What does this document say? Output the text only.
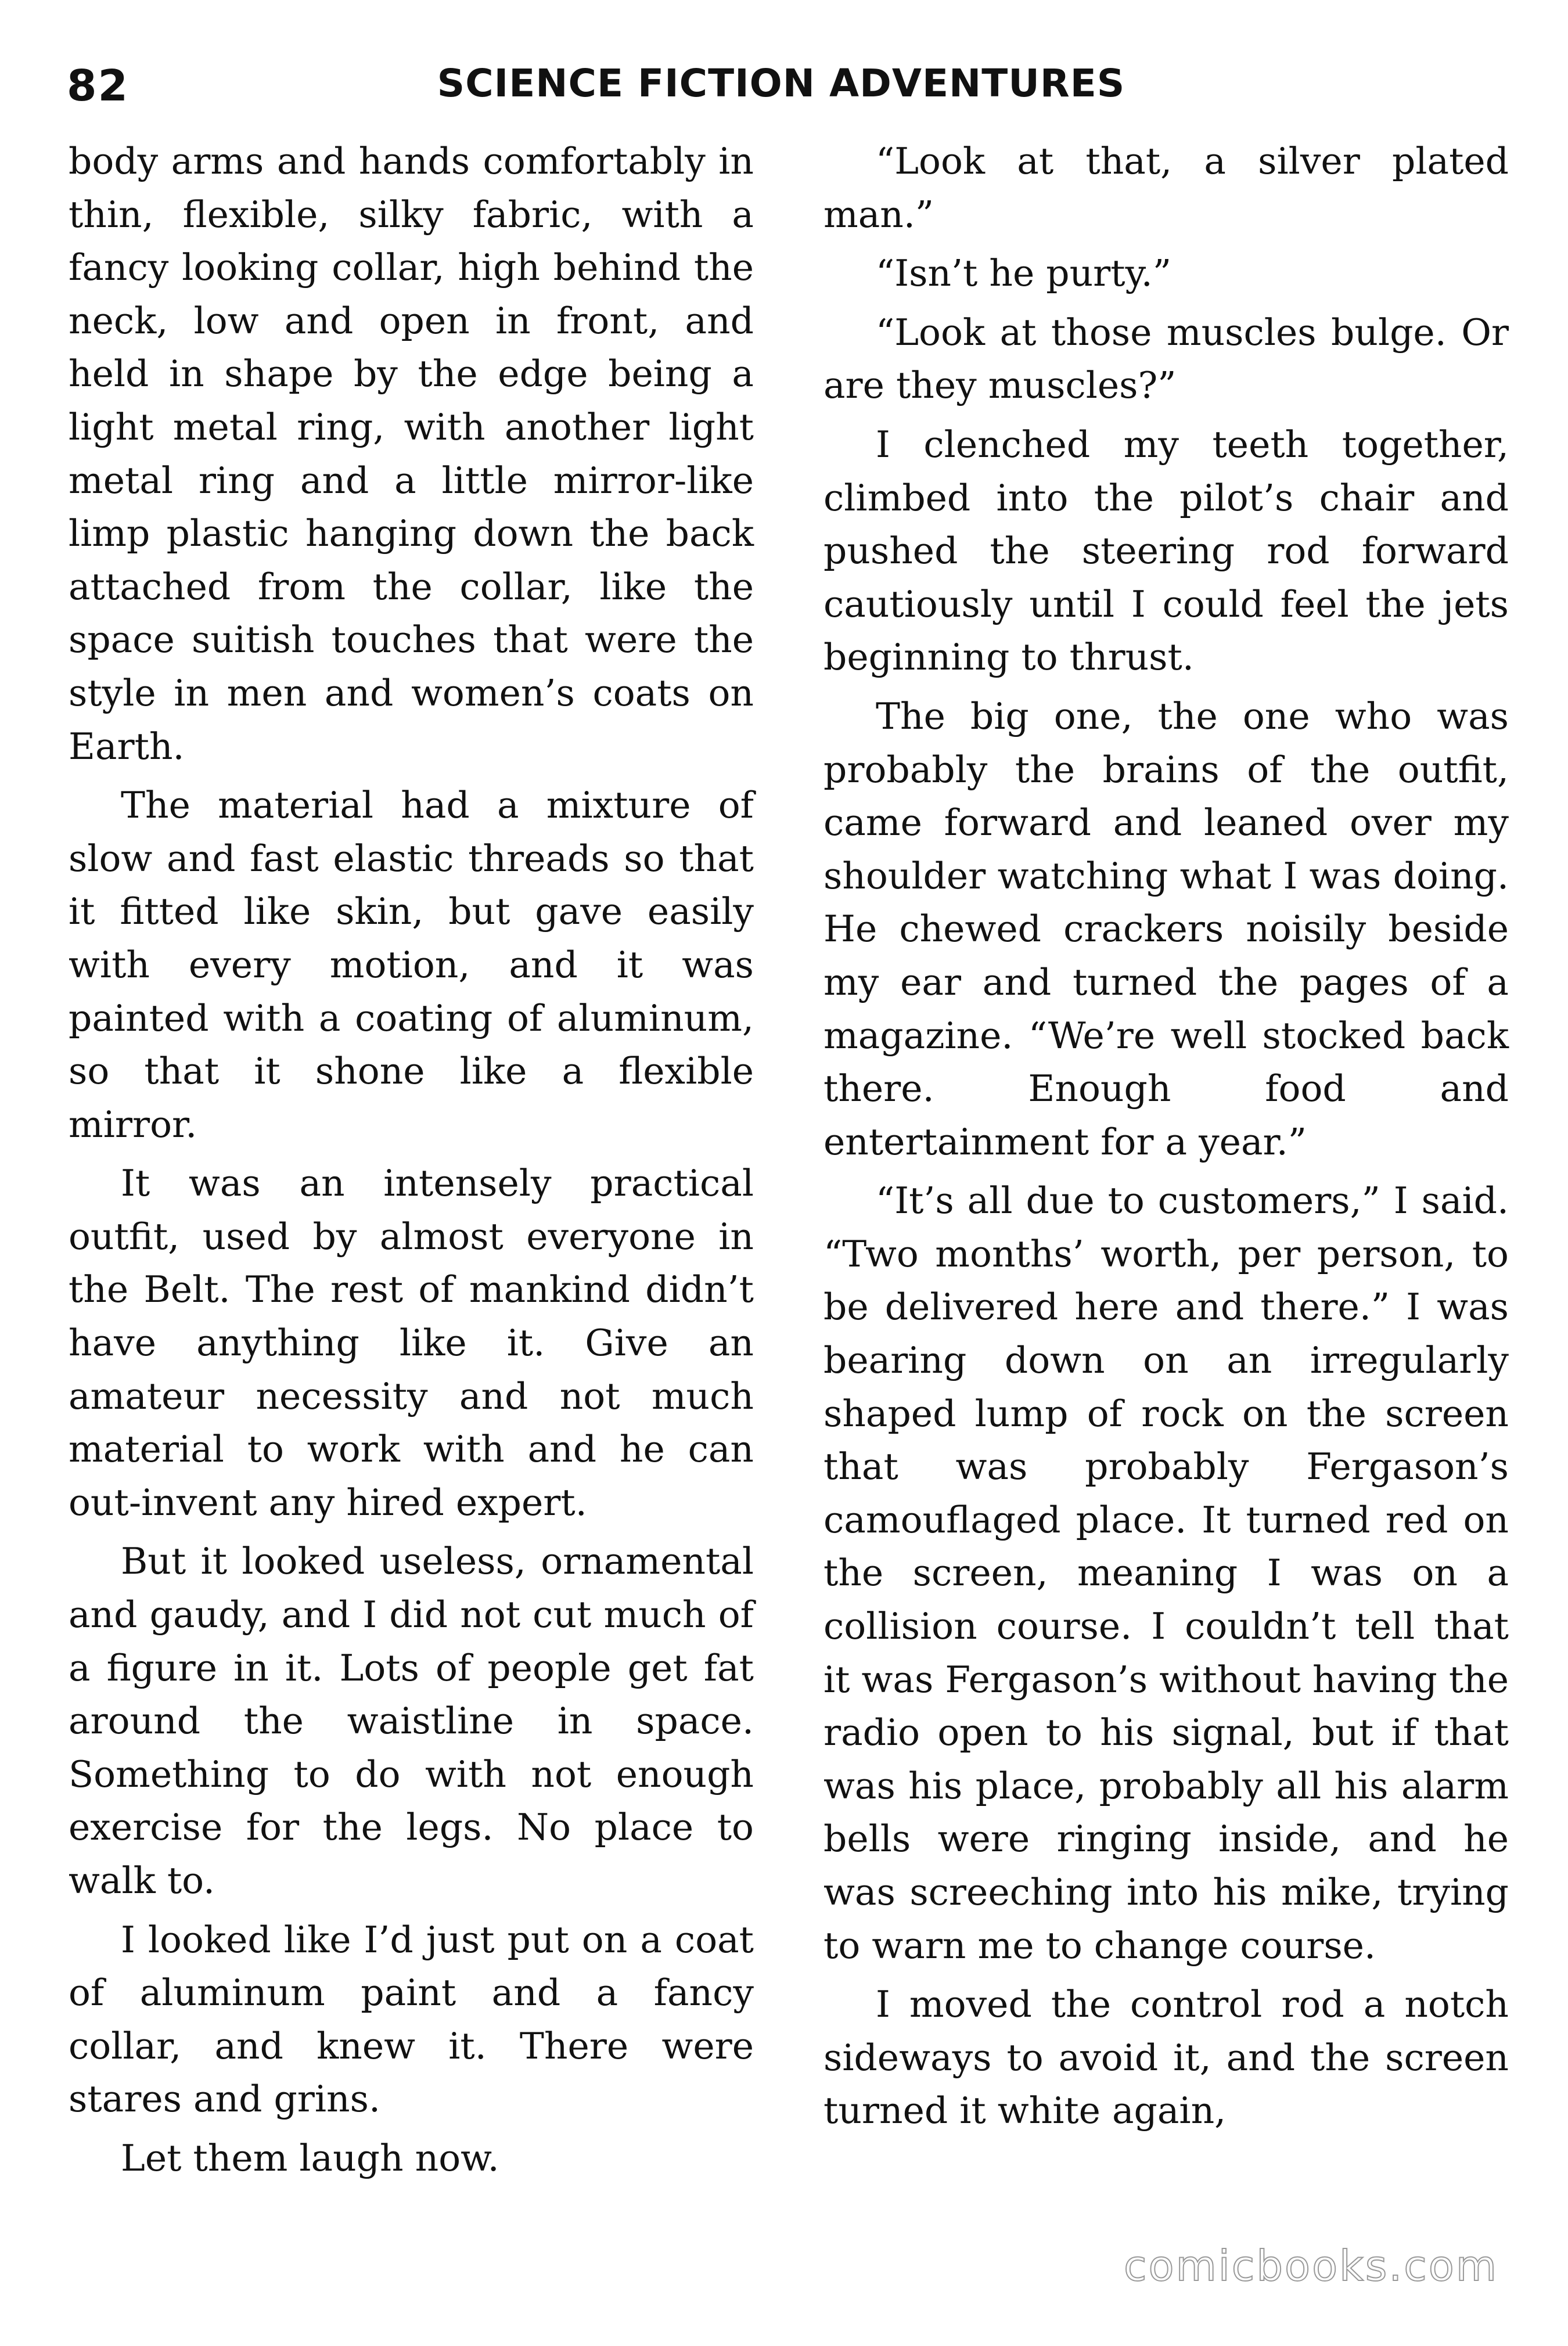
82	SCIENCE FICTION ADVENTURES

body arms and hands comfortably in thin, flexible, silky fabric, with a fancy looking collar, high behind the neck, low and open in front, and held in shape by the edge being a light metal ring, with another light metal ring and a little mirror-like limp plastic hanging down the back attached from the collar, like the space suitish touches that were the style in men and women’s coats on Earth.

The material had a mixture of slow and fast elastic threads so that it fitted like skin, but gave easily with every motion, and it was painted with a coating of aluminum, so that it shone like a flexible mirror.

It was an intensely practical outfit, used by almost everyone in the Belt. The rest of mankind didn’t have anything like it. Give an amateur necessity and not much material to work with and he can out-invent any hired expert.

But it looked useless, ornamental and gaudy, and I did not cut much of a figure in it. Lots of people get fat around the waistline in space. Something to do with not enough exercise for the legs. No place to walk to.

I looked like I’d just put on a coat of aluminum paint and a fancy collar, and knew it. There were stares and grins.

Let them laugh now.

“Look at that, a silver plated man.”

“Isn’t he purty.”

“Look at those muscles bulge. Or are they muscles?”

I clenched my teeth together, climbed into the pilot’s chair and pushed the steering rod forward cautiously until I could feel the jets beginning to thrust.

The big one, the one who was probably the brains of the outfit, came forward and leaned over my shoulder watching what I was doing. He chewed crackers noisily beside my ear and turned the pages of a magazine. “We’re well stocked back there. Enough food and entertainment for a year.”

“It’s all due to customers,” I said. “Two months’ worth, per person, to be delivered here and there.” I was bearing down on an irregularly shaped lump of rock on the screen that was probably Fergason’s camouflaged place. It turned red on the screen, meaning I was on a collision course. I couldn’t tell that it was Fergason’s without having the radio open to his signal, but if that was his place, probably all his alarm bells were ringing inside, and he was screeching into his mike, trying to warn me to change course.

I moved the control rod a notch sideways to avoid it, and the screen turned it white again,

comicbooks.com
